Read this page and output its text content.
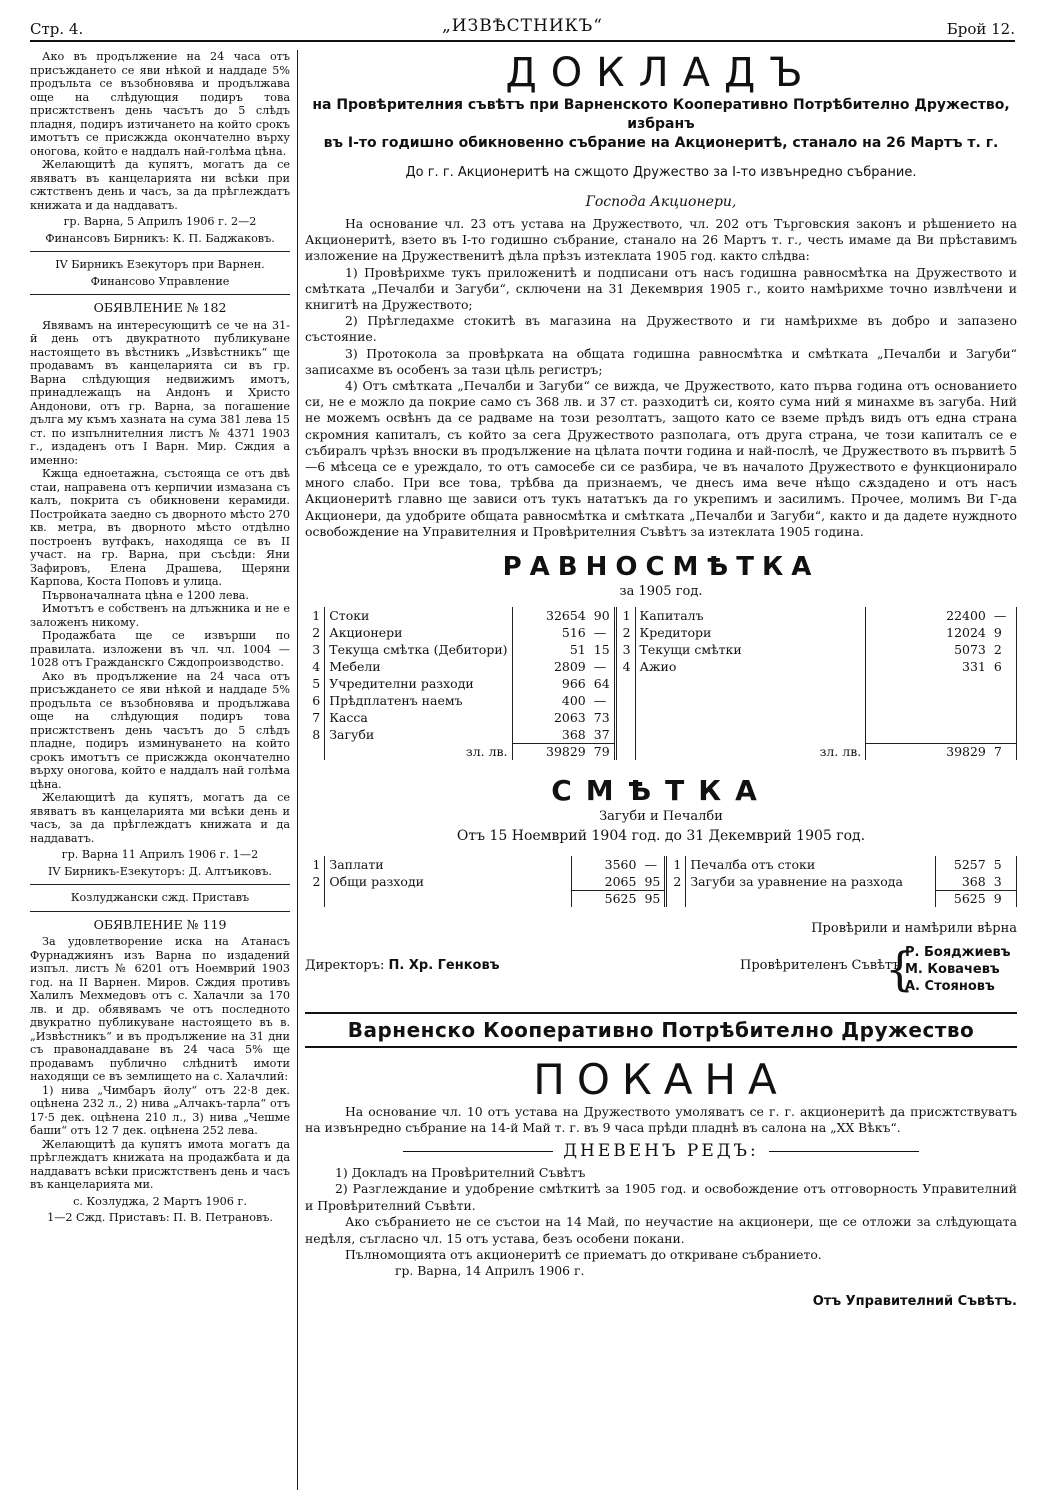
Стр. 4.	„ИЗВѢСТНИКЪ“	Брой 12.

Ако въ продължение на 24 часа отъ присъждането се яви нѣкой и наддаде 5% продъльта се възобновява и продължава още на слѣдующия подиръ това присжтственъ день часътъ до 5 слѣдъ пладня, подиръ изтичането на който срокъ имотътъ се присжжда окончателно върху оногова, който е наддалъ най-голѣма цѣна.

Желающитѣ да купятъ, могатъ да се явяватъ въ канцеларията ни всѣки при сжтственъ день и часъ, за да прѣглеждатъ книжата и да наддаватъ.

гр. Варна, 5 Априлъ 1906 г. 2—2

Финансовъ Бирникъ: К. П. Баджаковъ.

IV Бирникъ Езекуторъ при Варнен.

Финансово Управление

ОБЯВЛЕНИЕ № 182

Явявамъ на интересующитѣ се че на 31-й день отъ двукратното публикуване настоящето въ вѣстникъ „Извѣстникъ“ ще продавамъ въ канцеларията си въ гр. Варна слѣдующия недвижимъ имотъ, принадлежащъ на Андонъ и Христо Андонови, отъ гр. Варна, за погашение дълга му къмъ хазната на сума 381 лева 15 ст. по изпълнителния листъ № 4371 1903 г., издаденъ отъ I Варн. Мир. Сждия а именно:

Кжща едноетажна, състояща се отъ двѣ стаи, направена отъ керпичии измазана съ калъ, покрита съ обикновени керамиди. Постройката заедно съ дворното мѣсто 270 кв. метра, въ дворното мѣсто отдѣлно построенъ вутфакъ, находяща се въ II участ. на гр. Варна, при съсѣди: Яни Зафировъ, Елена Драшева, Щеряни Карпова, Коста Поповъ и улица.

Първоначалната цѣна е 1200 лева.

Имотътъ е собственъ на длъжника и не е заложенъ никому.

Продажбата ще се извърши по правилата. изложени въ чл. чл. 1004 — 1028 отъ Гражданскго Сждопроизводство.

Ако въ продължение на 24 часа отъ присъждането се яви нѣкой и наддаде 5% продъльта се възобновява и продължава още на слѣдующия подиръ това присжтственъ день часътъ до 5 слѣдъ пладне, подиръ изминуването на който срокъ имотътъ се присжжда окончателно върху оногова, който е наддалъ най голѣма цѣна.

Желающитѣ да купятъ, могатъ да се явяватъ въ канцеларията ми всѣки день и часъ, за да прѣглеждатъ книжата и да наддаватъ.

гр. Варна 11 Априлъ 1906 г. 1—2

IV Бирникъ-Езекуторъ: Д. Алтъиковъ.

Козлуджански сжд. Приставъ

ОБЯВЛЕНИЕ № 119

За удовлетворение иска на Атанасъ Фурнаджиянъ изъ Варна по издадений изпъл. листъ № 6201 отъ Ноемврий 1903 год. на II Варнен. Миров. Сждия противъ Халилъ Мехмедовъ отъ с. Халачли за 170 лв. и др. обявявамъ че отъ последното двукратно публикуване настоящето въ в. „Извѣстникъ“ и въ продължение на 31 дни съ правонаддаване въ 24 часа 5% ще продавамъ публично слѣднитѣ имоти находящи се въ землището на с. Халачлий:

1) нива „Чимбаръ йолу“ отъ 22·8 дек. оцѣнена 232 л., 2) нива „Алчакъ-тарла“ отъ 17·5 дек. оцѣнена 210 л., 3) нива „Чешме баши“ отъ 12 7 дек. оцѣнена 252 лева.

Желающитѣ да купятъ имота могатъ да прѣглеждатъ книжата на продажбата и да наддаватъ всѣки присжтственъ день и часъ въ канцеларията ми.

с. Козлуджа, 2 Мартъ 1906 г.

1—2 Сжд. Приставъ: П. В. Петрановъ.

ДОКЛАДЪ
на Провѣрителния съвѣтъ при Варненското Кооперативно Потрѣбително Дружество, избранъ
въ I-то годишно обикновенно събрание на Акционеритѣ, станало на 26 Мартъ т. г.
До г. г. Акционеритѣ на сжщото Дружество за I-то извънредно събрание.
Господа Акционери,

На основание чл. 23 отъ устава на Дружеството, чл. 202 отъ Търговския законъ и рѣшението на Акционеритѣ, взето въ I-то годишно събрание, станало на 26 Мартъ т. г., честь имаме да Ви прѣставимъ изложение на Дружественитѣ дѣла прѣзъ изтеклата 1905 год. както слѣдва:

1) Провѣрихме тукъ приложенитѣ и подписани отъ насъ годишна равносмѣтка на Дружеството и смѣтката „Печалби и Загуби“, сключени на 31 Декемврия 1905 г., които намѣрихме точно извлѣчени и книгитѣ на Дружеството;

2) Прѣгледахме стокитѣ въ магазина на Дружеството и ги намѣрихме въ добро и запазено състояние.

3) Протокола за провѣрката на общата годишна равносмѣтка и смѣтката „Печалби и Загуби“ записахме въ особенъ за тази цѣль регистръ;

4) Отъ смѣтката „Печалби и Загуби“ се вижда, че Дружеството, като първа година отъ основанието си, не е можло да покрие само съ 368 лв. и 37 ст. разходитѣ си, която сума ний я минахме въ загуба. Ний не можемъ освѣнъ да се радваме на този резолтатъ, защото като се вземе прѣдъ видъ отъ една страна скромния капиталъ, съ който за сега Дружеството разполага, отъ друга страна, че този капиталъ се е събиралъ чрѣзъ вноски въ продължение на цѣлата почти година и най-послѣ, че Дружеството въ първитѣ 5—6 мѣсеца се е уреждало, то отъ самосебе си се разбира, че въ началото Дружеството е функционирало много слабо. При все това, трѣбва да признаемъ, че днесъ има вече нѣщо сѫздадено и отъ насъ Акционеритѣ главно ще зависи отъ тукъ нататъкъ да го укрепимъ и засилимъ. Прочее, молимъ Ви Г-да Акционери, да удобрите общата равносмѣтка и смѣтката „Печалби и Загуби“, както и да дадете нуждното освобождение на Управителния и Провѣрителния Съвѣтъ за изтеклата 1905 година.

РАВНОСМѢТКА
за 1905 год.
1	Стоки	32654	90	1	Капиталъ	22400	—
2	Акционери	516	—	2	Кредитори	12024	9
3	Текуща смѣтка (Дебитори)	51	15	3	Текущи смѣтки	5073	2
4	Мебели	2809	—	4	Ажио	331	6
5	Учредителни разходи	966	64				
6	Прѣдплатенъ наемъ	400	—				
7	Касса	2063	73				
8	Загуби	368	37				
	зл. лв.	39829	79		зл. лв.	39829	7
СМѢТКА
Загуби и Печалби
Отъ 15 Ноемврий 1904 год. до 31 Декемврий 1905 год.
1	Заплати	3560	—	1	Печалба отъ стоки	5257	5
2	Общи разходи	2065	95	2	Загуби за уравнение на разхода	368	3
		5625	95			5625	9
Провѣрили и намѣрили вѣрна
Директоръ: П. Хр. Генковъ	Провѣрителенъ Съвѣтъ
{
Р. Бояджиевъ
М. Ковачевъ
А. Стояновъ
Варненско Кооперативно Потрѣбително Дружество
ПОКАНА

На основание чл. 10 отъ устава на Дружеството умоляватъ се г. г. акционеритѣ да присжтствуватъ на извънредно събрание на 14-й Май т. г. въ 9 часа прѣди пладнѣ въ салона на „XX Вѣкъ“.

ДНЕВЕНЪ РЕДЪ:

1) Докладъ на Провѣрителний Съвѣтъ

2) Разглеждание и удобрение смѣткитѣ за 1905 год. и освобождение отъ отговорность Управителний и Провѣрителний Съвѣти.

Ако събранието не се състои на 14 Май, по неучастие на акционери, ще се отложи за слѣдующата недѣля, съгласно чл. 15 отъ устава, безъ особени покани.

Пълномощията отъ акционеритѣ се приематъ до откриване събранието.

гр. Варна, 14 Априлъ 1906 г.

Отъ Управителний Съвѣтъ.
